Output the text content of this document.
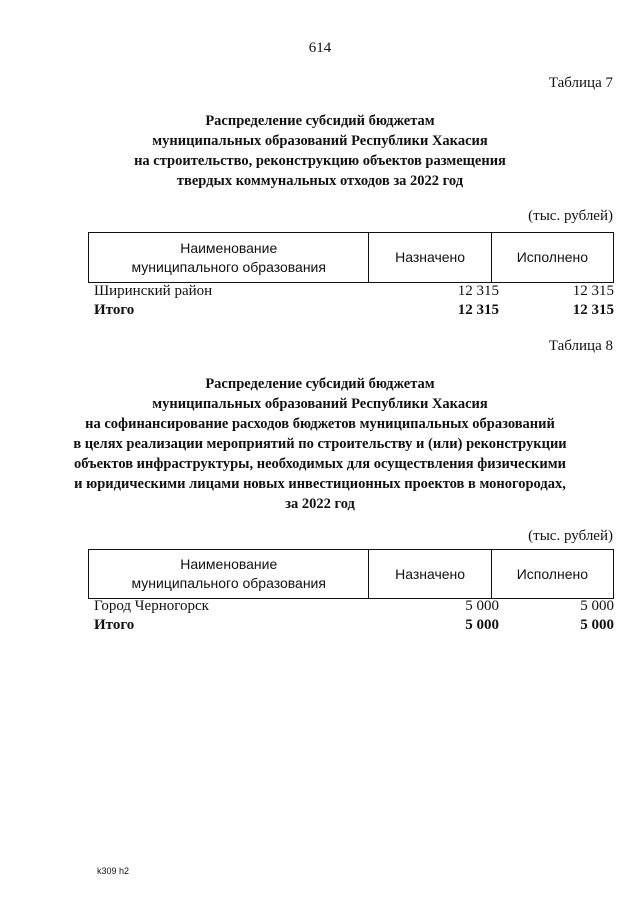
614
Таблица 7
Распределение субсидий бюджетам
муниципальных образований Республики Хакасия
на строительство, реконструкцию объектов размещения
твердых коммунальных отходов за 2022 год
(тыс. рублей)
Наименование
муниципального образования
	Назначено	Исполнено
Ширинский район	12 315	12 315
Итого	12 315	12 315
Таблица 8
Распределение субсидий бюджетам
муниципальных образований Республики Хакасия
на софинансирование расходов бюджетов муниципальных образований
в целях реализации мероприятий по строительству и (или) реконструкции
объектов инфраструктуры, необходимых для осуществления физическими
и юридическими лицами новых инвестиционных проектов в моногородах,
за 2022 год
(тыс. рублей)
Наименование
муниципального образования
	Назначено	Исполнено
Город Черногорск	5 000	5 000
Итого	5 000	5 000
k309 h2
